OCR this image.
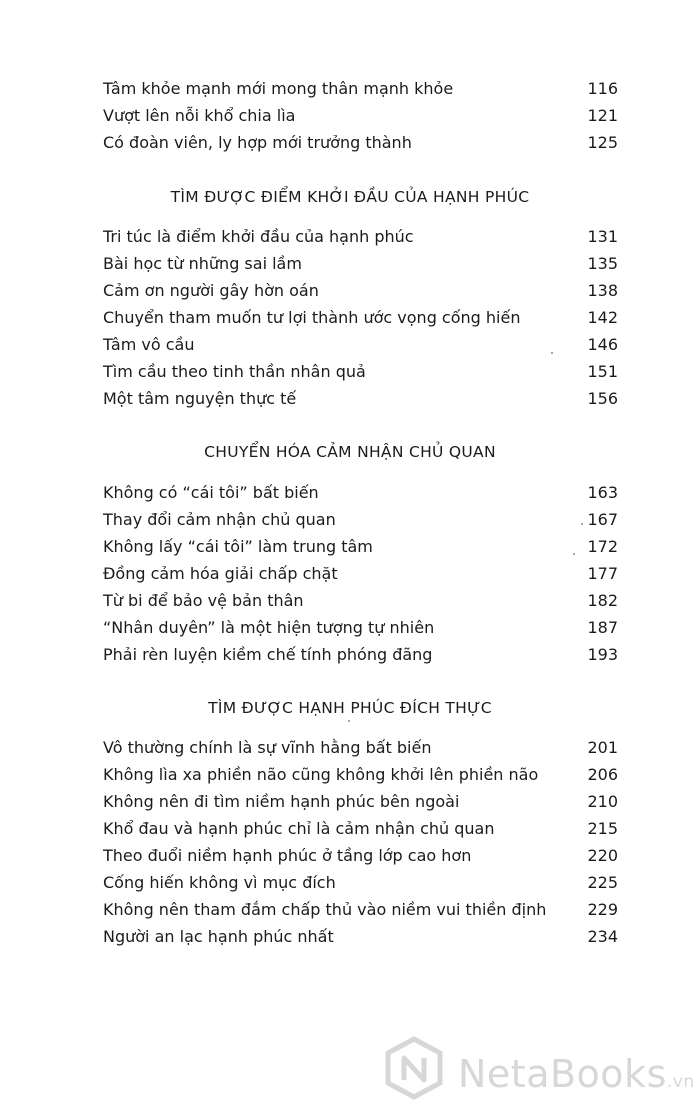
Tâm khỏe mạnh mới mong thân mạnh khỏe	116
Vượt lên nỗi khổ chia lìa	121
Có đoàn viên, ly hợp mới trưởng thành	125
TÌM ĐƯỢC ĐIỂM KHỞI ĐẦU CỦA HẠNH PHÚC
Tri túc là điểm khởi đầu của hạnh phúc	131
Bài học từ những sai lầm	135
Cảm ơn người gây hờn oán	138
Chuyển tham muốn tư lợi thành ước vọng cống hiến	142
Tâm vô cầu	146
Tìm cầu theo tinh thần nhân quả	151
Một tâm nguyện thực tế	156
CHUYỂN HÓA CẢM NHẬN CHỦ QUAN
Không có “cái tôi” bất biến	163
Thay đổi cảm nhận chủ quan	167
Không lấy “cái tôi” làm trung tâm	172
Đồng cảm hóa giải chấp chặt	177
Từ bi để bảo vệ bản thân	182
“Nhân duyên” là một hiện tượng tự nhiên	187
Phải rèn luyện kiềm chế tính phóng đãng	193
TÌM ĐƯỢC HẠNH PHÚC ĐÍCH THỰC
Vô thường chính là sự vĩnh hằng bất biến	201
Không lìa xa phiền não cũng không khởi lên phiền não	206
Không nên đi tìm niềm hạnh phúc bên ngoài	210
Khổ đau và hạnh phúc chỉ là cảm nhận chủ quan	215
Theo đuổi niềm hạnh phúc ở tầng lớp cao hơn	220
Cống hiến không vì mục đích	225
Không nên tham đắm chấp thủ vào niềm vui thiền định	229
Người an lạc hạnh phúc nhất	234
NetaBooks.vn
